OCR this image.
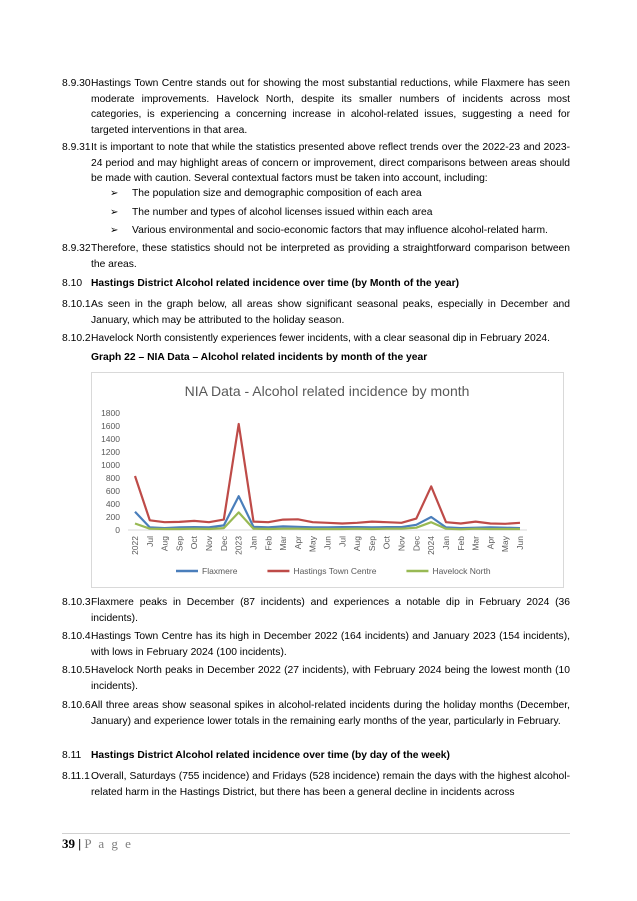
8.9.30 Hastings Town Centre stands out for showing the most substantial reductions, while Flaxmere has seen moderate improvements. Havelock North, despite its smaller numbers of incidents across most categories, is experiencing a concerning increase in alcohol-related issues, suggesting a need for targeted interventions in that area.
8.9.31 It is important to note that while the statistics presented above reflect trends over the 2022-23 and 2023-24 period and may highlight areas of concern or improvement, direct comparisons between areas should be made with caution. Several contextual factors must be taken into account, including:
➢ The population size and demographic composition of each area
➢ The number and types of alcohol licenses issued within each area
➢ Various environmental and socio-economic factors that may influence alcohol-related harm.
8.9.32 Therefore, these statistics should not be interpreted as providing a straightforward comparison between the areas.
8.10 Hastings District Alcohol related incidence over time (by Month of the year)
8.10.1 As seen in the graph below, all areas show significant seasonal peaks, especially in December and January, which may be attributed to the holiday season.
8.10.2 Havelock North consistently experiences fewer incidents, with a clear seasonal dip in February 2024.
Graph 22 – NIA Data – Alcohol related incidents by month of the year
NIA Data - Alcohol related incidence by month
0
200
400
600
800
1000
1200
1400
1600
1800
2022 Jul Aug Sep Oct Nov Dec 2023 Jan Feb Mar Apr May Jun Jul Aug Sep Oct Nov Dec 2024 Jan Feb Mar Apr May Jun
Flaxmere	Hastings Town Centre	Havelock North
8.10.3 Flaxmere peaks in December (87 incidents) and experiences a notable dip in February 2024 (36 incidents).
8.10.4 Hastings Town Centre has its high in December 2022 (164 incidents) and January 2023 (154 incidents), with lows in February 2024 (100 incidents).
8.10.5 Havelock North peaks in December 2022 (27 incidents), with February 2024 being the lowest month (10 incidents).
8.10.6 All three areas show seasonal spikes in alcohol-related incidents during the holiday months (December, January) and experience lower totals in the remaining early months of the year, particularly in February.
8.11 Hastings District Alcohol related incidence over time (by day of the week)
8.11.1 Overall, Saturdays (755 incidence) and Fridays (528 incidence) remain the days with the highest alcohol-related harm in the Hastings District, but there has been a general decline in incidents across
39 | P a g e
